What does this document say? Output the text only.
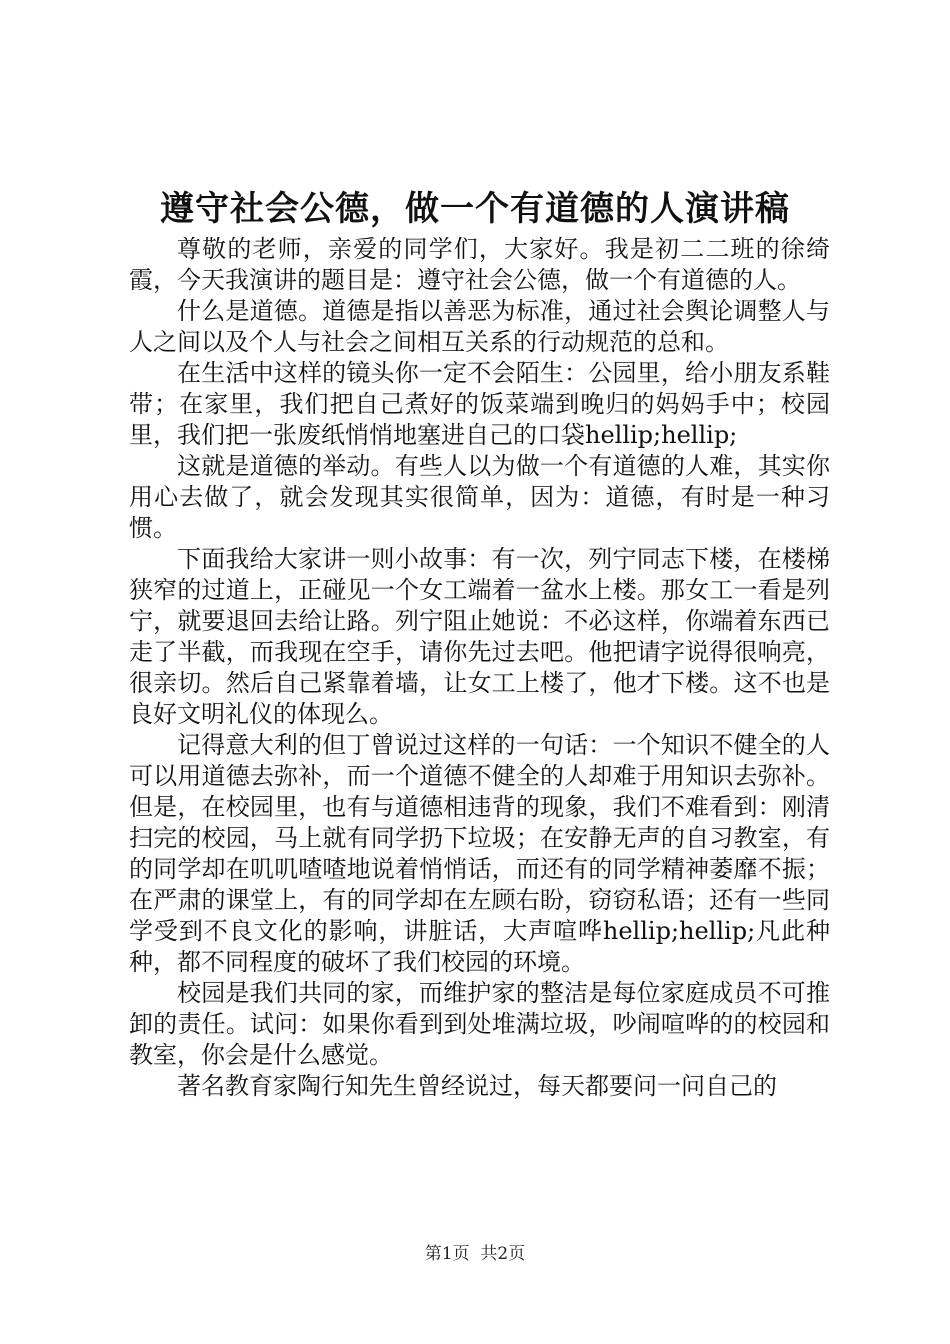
遵守社会公德，做一个有道德的人演讲稿

尊敬的老师，亲爱的同学们，大家好。我是初二二班的徐绮霞，今天我演讲的题目是：遵守社会公德，做一个有道德的人。

什么是道德。道德是指以善恶为标准，通过社会舆论调整人与人之间以及个人与社会之间相互关系的行动规范的总和。

在生活中这样的镜头你一定不会陌生：公园里，给小朋友系鞋带；在家里，我们把自己煮好的饭菜端到晚归的妈妈手中；校园里，我们把一张废纸悄悄地塞进自己的口袋hellip;hellip;

这就是道德的举动。有些人以为做一个有道德的人难，其实你用心去做了，就会发现其实很简单，因为：道德，有时是一种习惯。

下面我给大家讲一则小故事：有一次，列宁同志下楼，在楼梯狭窄的过道上，正碰见一个女工端着一盆水上楼。那女工一看是列宁，就要退回去给让路。列宁阻止她说：不必这样，你端着东西已走了半截，而我现在空手，请你先过去吧。他把请字说得很响亮，很亲切。然后自己紧靠着墙，让女工上楼了，他才下楼。这不也是良好文明礼仪的体现么。

记得意大利的但丁曾说过这样的一句话：一个知识不健全的人可以用道德去弥补，而一个道德不健全的人却难于用知识去弥补。但是，在校园里，也有与道德相违背的现象，我们不难看到：刚清扫完的校园，马上就有同学扔下垃圾；在安静无声的自习教室，有的同学却在叽叽喳喳地说着悄悄话，而还有的同学精神萎靡不振；在严肃的课堂上，有的同学却在左顾右盼，窃窃私语；还有一些同学受到不良文化的影响，讲脏话，大声喧哗hellip;hellip;凡此种种，都不同程度的破坏了我们校园的环境。

校园是我们共同的家，而维护家的整洁是每位家庭成员不可推卸的责任。试问：如果你看到到处堆满垃圾，吵闹喧哗的的校园和教室，你会是什么感觉。

著名教育家陶行知先生曾经说过，每天都要问一问自己的

第1页 共2页
